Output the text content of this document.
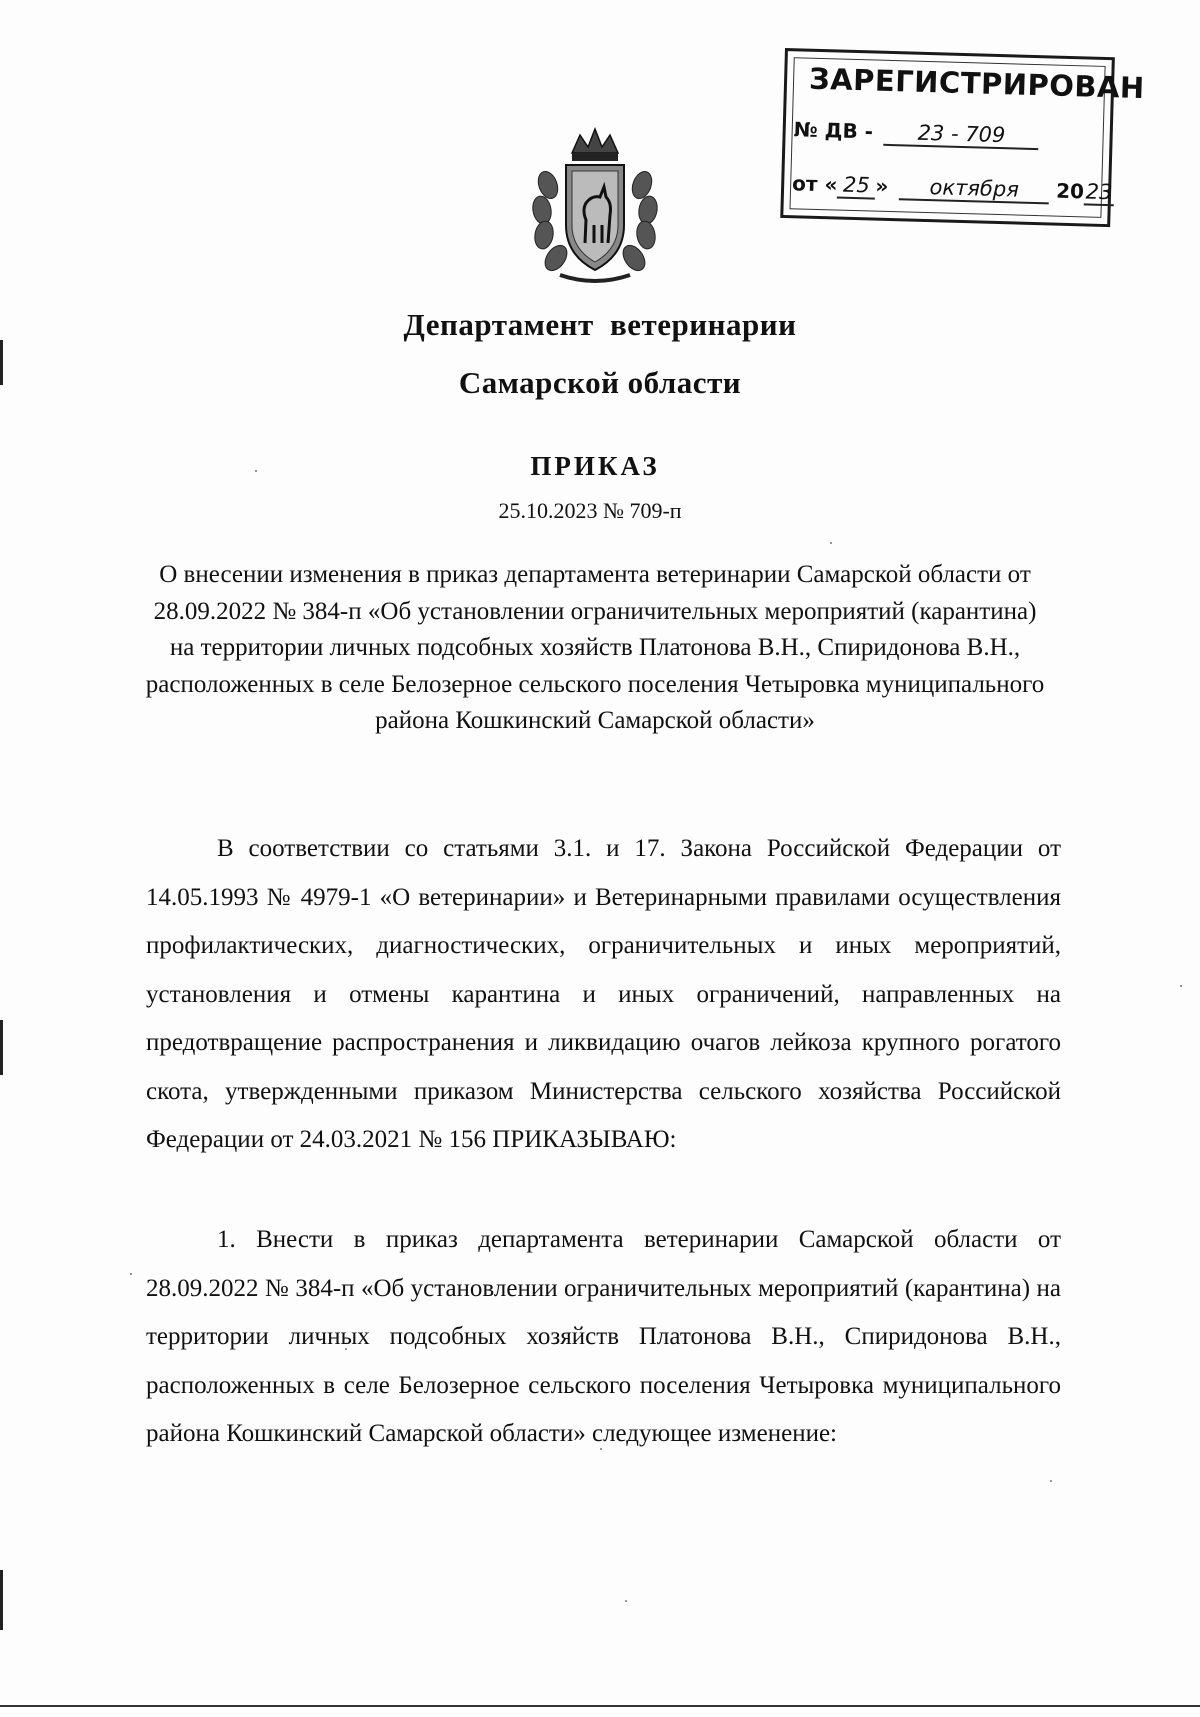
ЗАРЕГИСТРИРОВАН
№ ДВ - 23 - 709
от « 25 » октября 2023
Департамент ветеринарии
Самарской области
ПРИКАЗ
25.10.2023 № 709-п
О внесении изменения в приказ департамента ветеринарии Самарской области от 28.09.2022 № 384-п «Об установлении ограничительных мероприятий (карантина) на территории личных подсобных хозяйств Платонова В.Н., Спиридонова В.Н., расположенных в селе Белозерное сельского поселения Четыровка муниципального района Кошкинский Самарской области»
В соответствии со статьями 3.1. и 17. Закона Российской Федерации от 14.05.1993 № 4979-1 «О ветеринарии» и Ветеринарными правилами осуществления профилактических, диагностических, ограничительных и иных мероприятий, установления и отмены карантина и иных ограничений, направленных на предотвращение распространения и ликвидацию очагов лейкоза крупного рогатого скота, утвержденными приказом Министерства сельского хозяйства Российской Федерации от 24.03.2021 № 156 ПРИКАЗЫВАЮ:
1. Внести в приказ департамента ветеринарии Самарской области от 28.09.2022 № 384-п «Об установлении ограничительных мероприятий (карантина) на территории личных подсобных хозяйств Платонова В.Н., Спиридонова В.Н., расположенных в селе Белозерное сельского поселения Четыровка муниципального района Кошкинский Самарской области» следующее изменение:
